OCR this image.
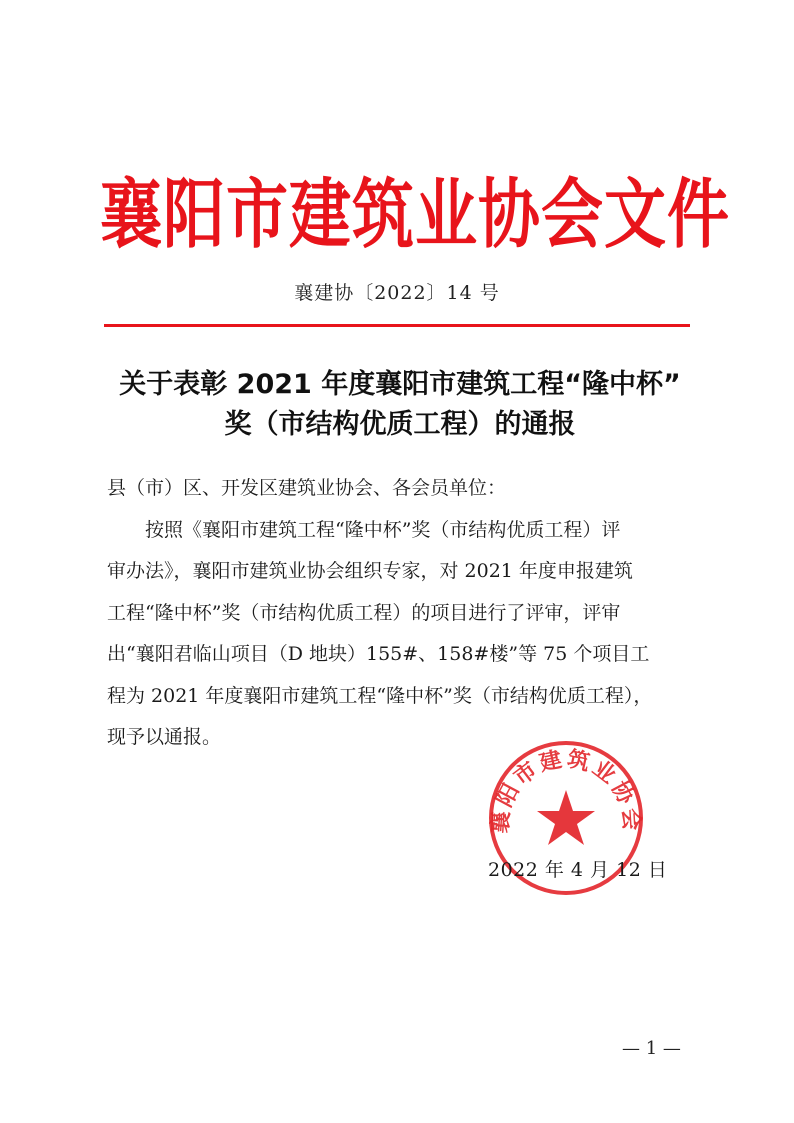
襄阳市建筑业协会文件
襄建协〔2022〕14 号
关于表彰 2021 年度襄阳市建筑工程“隆中杯”
奖（市结构优质工程）的通报
县（市）区、开发区建筑业协会、各会员单位：
按照《襄阳市建筑工程“隆中杯”奖（市结构优质工程）评
审办法》，襄阳市建筑业协会组织专家，对 2021 年度申报建筑
工程“隆中杯”奖（市结构优质工程）的项目进行了评审，评审
出“襄阳君临山项目（D 地块）155#、158#楼”等 75 个项目工
程为 2021 年度襄阳市建筑工程“隆中杯”奖（市结构优质工程），
现予以通报。
襄阳市建筑业协会
2022 年 4 月 12 日
— 1 —
